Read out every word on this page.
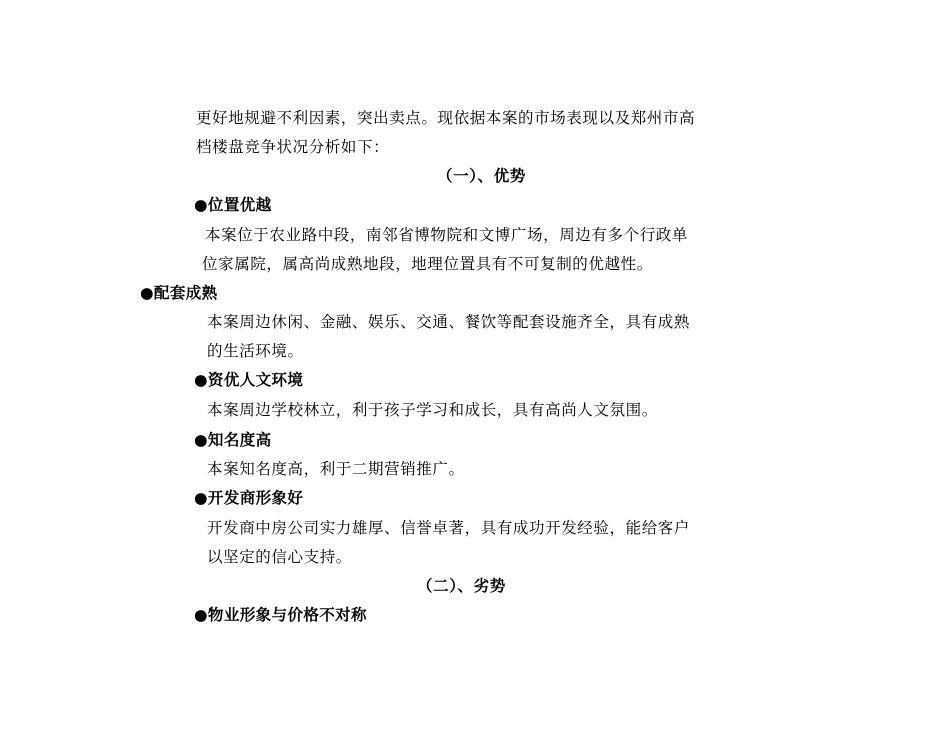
更好地规避不利因素，突出卖点。现依据本案的市场表现以及郑州市高
档楼盘竞争状况分析如下：
（一）、优势
●位置优越
本案位于农业路中段，南邻省博物院和文博广场，周边有多个行政单
位家属院，属高尚成熟地段，地理位置具有不可复制的优越性。
●配套成熟
本案周边休闲、金融、娱乐、交通、餐饮等配套设施齐全，具有成熟
的生活环境。
●资优人文环境
本案周边学校林立，利于孩子学习和成长，具有高尚人文氛围。
●知名度高
本案知名度高，利于二期营销推广。
●开发商形象好
开发商中房公司实力雄厚、信誉卓著，具有成功开发经验，能给客户
以坚定的信心支持。
（二）、劣势
●物业形象与价格不对称
